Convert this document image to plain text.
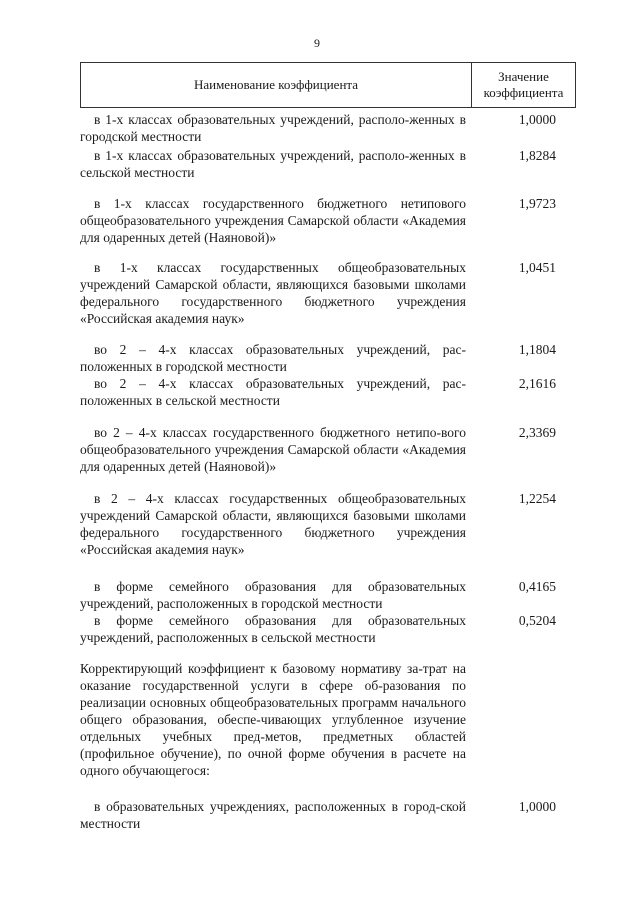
9
Наименование коэффициента
Значение
коэффициента
в 1-х классах образовательных учреждений, располо-женных в городской местности
1,0000
в 1-х классах образовательных учреждений, располо-женных в сельской местности
1,8284
в 1-х классах государственного бюджетного нетипового общеобразовательного учреждения Самарской области «Академия для одаренных детей (Наяновой)»
1,9723
в 1-х классах государственных общеобразовательных учреждений Самарской области, являющихся базовыми школами федерального государственного бюджетного учреждения «Российская академия наук»
1,0451
во 2 – 4-х классах образовательных учреждений, рас-положенных в городской местности
1,1804
во 2 – 4-х классах образовательных учреждений, рас-положенных в сельской местности
2,1616
во 2 – 4-х классах государственного бюджетного нетипо-вого общеобразовательного учреждения Самарской области «Академия для одаренных детей (Наяновой)»
2,3369
в 2 – 4-х классах государственных общеобразовательных учреждений Самарской области, являющихся базовыми школами федерального государственного бюджетного учреждения «Российская академия наук»
1,2254
в форме семейного образования для образовательных учреждений, расположенных в городской местности
0,4165
в форме семейного образования для образовательных учреждений, расположенных в сельской местности
0,5204
Корректирующий коэффициент к базовому нормативу за-трат на оказание государственной услуги в сфере об-разования по реализации основных общеобразовательных программ начального общего образования, обеспе-чивающих углубленное изучение отдельных учебных пред-метов, предметных областей (профильное обучение), по очной форме обучения в расчете на одного обучающегося:
в образовательных учреждениях, расположенных в город-ской местности
1,0000
